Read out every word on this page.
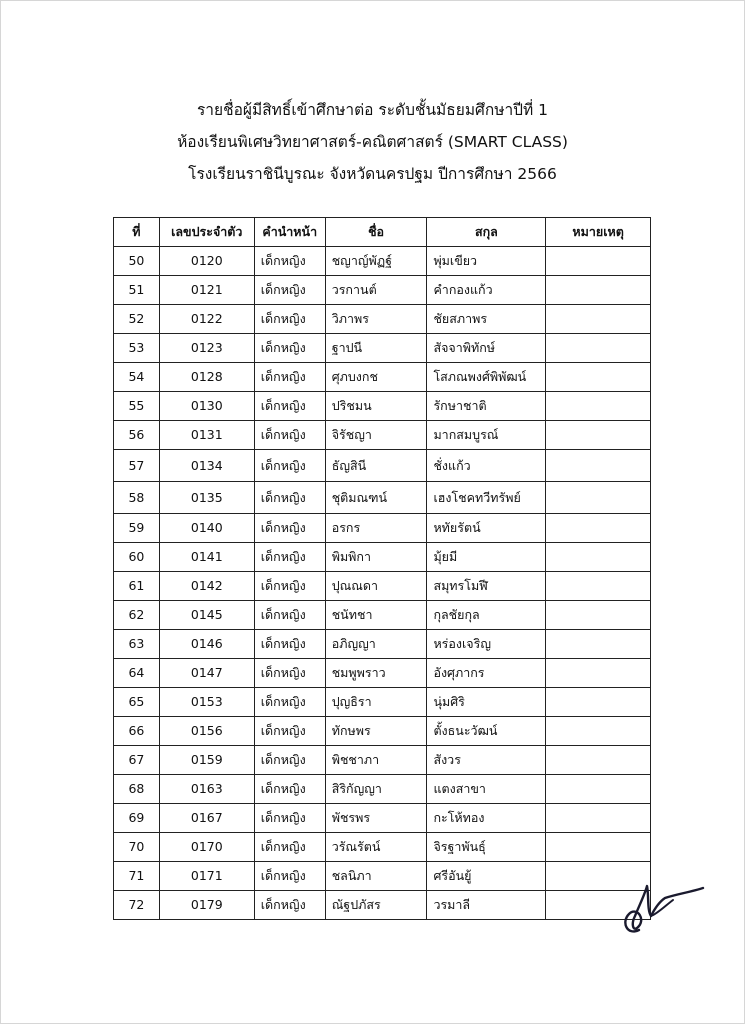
รายชื่อผู้มีสิทธิ์เข้าศึกษาต่อ ระดับชั้นมัธยมศึกษาปีที่ 1
ห้องเรียนพิเศษวิทยาศาสตร์-คณิตศาสตร์ (SMART CLASS)
โรงเรียนราชินีบูรณะ จังหวัดนครปฐม ปีการศึกษา 2566
ที่	เลขประจำตัว	คำนำหน้า	ชื่อ	สกุล	หมายเหตุ
50	0120	เด็กหญิง	ชญาญ์พัฏฐ์	พุ่มเขียว	
51	0121	เด็กหญิง	วรกานต์	คำกองแก้ว	
52	0122	เด็กหญิง	วิภาพร	ชัยสภาพร	
53	0123	เด็กหญิง	ฐาปนี	สัจจาพิทักษ์	
54	0128	เด็กหญิง	ศุภบงกช	โสภณพงศ์พิพัฒน์	
55	0130	เด็กหญิง	ปริชมน	รักษาชาติ	
56	0131	เด็กหญิง	จิรัชญา	มากสมบูรณ์	
57	0134	เด็กหญิง	ธัญสินี	ชั่งแก้ว	
58	0135	เด็กหญิง	ชุติมณฑน์	เฮงโชคทวีทรัพย์	
59	0140	เด็กหญิง	อรกร	หทัยรัตน์	
60	0141	เด็กหญิง	พิมพิกา	มุ้ยมี	
61	0142	เด็กหญิง	ปุณณดา	สมุทรโมฬี	
62	0145	เด็กหญิง	ชนัทชา	กุลชัยกุล	
63	0146	เด็กหญิง	อภิญญา	หร่องเจริญ	
64	0147	เด็กหญิง	ชมพูพราว	อังศุภากร	
65	0153	เด็กหญิง	ปุญธิรา	นุ่มศิริ	
66	0156	เด็กหญิง	ทักษพร	ตั้งธนะวัฒน์	
67	0159	เด็กหญิง	พิชชาภา	สังวร	
68	0163	เด็กหญิง	สิริกัญญา	แตงสาขา	
69	0167	เด็กหญิง	พัชรพร	กะโห้ทอง	
70	0170	เด็กหญิง	วรัณรัตน์	จิรฐาพันธุ์	
71	0171	เด็กหญิง	ชลนิภา	ศรีอันยู้	
72	0179	เด็กหญิง	ณัฐปภัสร	วรมาลี	
